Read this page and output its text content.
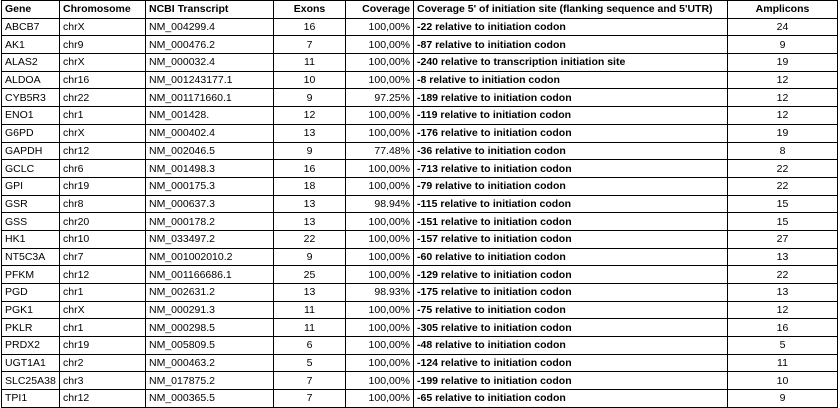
Gene	Chromosome	NCBI Transcript	Exons	Coverage	Coverage 5' of initiation site (flanking sequence and 5'UTR)	Amplicons
ABCB7	chrX	NM_004299.4	16	100,00%	-22 relative to initiation codon	24
AK1	chr9	NM_000476.2	7	100,00%	-87 relative to initiation codon	9
ALAS2	chrX	NM_000032.4	11	100,00%	-240 relative to transcription initiation site	19
ALDOA	chr16	NM_001243177.1	10	100,00%	-8 relative to initiation codon	12
CYB5R3	chr22	NM_001171660.1	9	97.25%	-189 relative to initiation codon	12
ENO1	chr1	NM_001428.	12	100,00%	-119 relative to initiation codon	12
G6PD	chrX	NM_000402.4	13	100,00%	-176 relative to initiation codon	19
GAPDH	chr12	NM_002046.5	9	77.48%	-36 relative to initiation codon	8
GCLC	chr6	NM_001498.3	16	100,00%	-713 relative to initiation codon	22
GPI	chr19	NM_000175.3	18	100,00%	-79 relative to initiation codon	22
GSR	chr8	NM_000637.3	13	98.94%	-115 relative to initiation codon	15
GSS	chr20	NM_000178.2	13	100,00%	-151 relative to initiation codon	15
HK1	chr10	NM_033497.2	22	100,00%	-157 relative to initiation codon	27
NT5C3A	chr7	NM_001002010.2	9	100,00%	-60 relative to initiation codon	13
PFKM	chr12	NM_001166686.1	25	100,00%	-129 relative to initiation codon	22
PGD	chr1	NM_002631.2	13	98.93%	-175 relative to initiation codon	13
PGK1	chrX	NM_000291.3	11	100,00%	-75 relative to initiation codon	12
PKLR	chr1	NM_000298.5	11	100,00%	-305 relative to initiation codon	16
PRDX2	chr19	NM_005809.5	6	100,00%	-48 relative to initiation codon	5
UGT1A1	chr2	NM_000463.2	5	100,00%	-124 relative to initiation codon	11
SLC25A38	chr3	NM_017875.2	7	100,00%	-199 relative to initiation codon	10
TPI1	chr12	NM_000365.5	7	100,00%	-65 relative to initiation codon	9
